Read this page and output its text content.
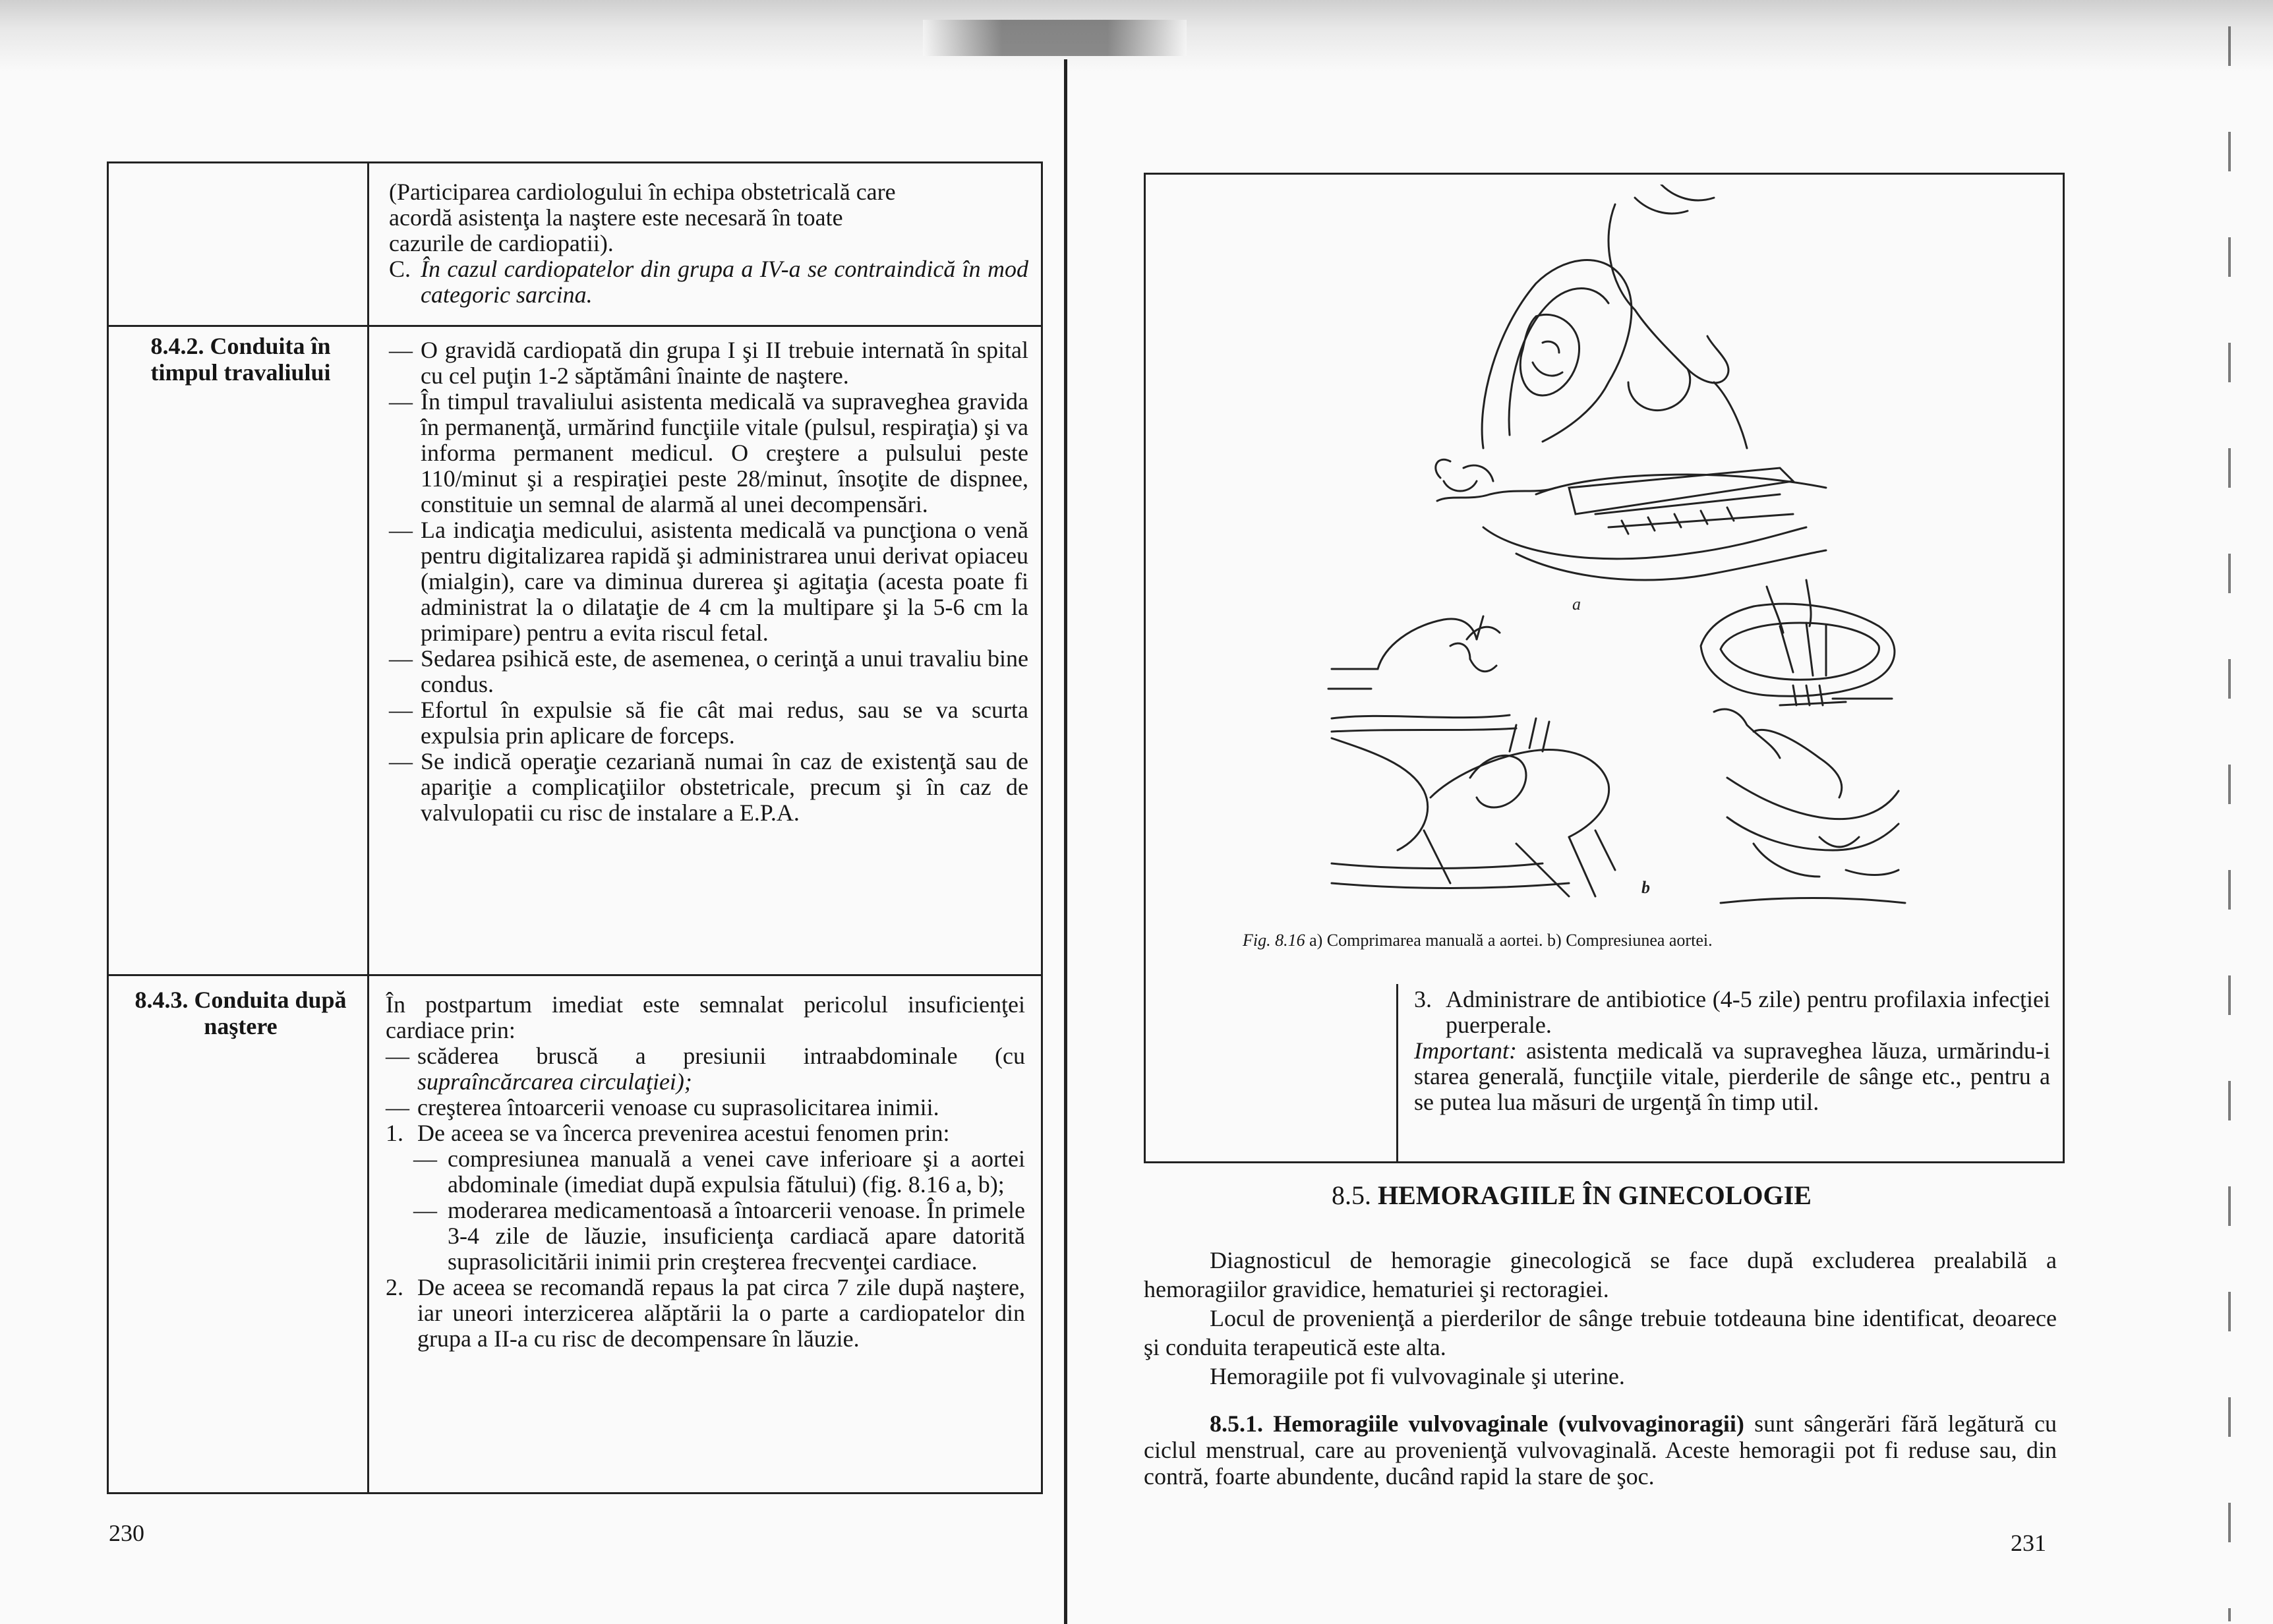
(Participarea cardiologului în echipa obstetricală care

acordă asistenţa la naştere este necesară în toate

cazurile de cardiopatii).

C. În cazul cardiopatelor din grupa a IV-a se contraindică în mod categoric sarcina.
8.4.2. Conduita în timpul travaliului
— O gravidă cardiopată din grupa I şi II trebuie internată în spital cu cel puţin 1-2 săptămâni înainte de naştere.
— În timpul travaliului asistenta medicală va supraveghea gravida în permanenţă, urmărind funcţiile vitale (pulsul, respiraţia) şi va informa permanent medicul. O creştere a pulsului peste 110/minut şi a respiraţiei peste 28/minut, însoţite de dispnee, constituie un semnal de alarmă al unei decompensări.
— La indicaţia medicului, asistenta medicală va puncţiona o venă pentru digitalizarea rapidă şi administrarea unui derivat opiaceu (mialgin), care va diminua durerea şi agitaţia (acesta poate fi administrat la o dilataţie de 4 cm la multipare şi la 5-6 cm la primipare) pentru a evita riscul fetal.
— Sedarea psihică este, de asemenea, o cerinţă a unui travaliu bine condus.
— Efortul în expulsie să fie cât mai redus, sau se va scurta expulsia prin aplicare de forceps.
— Se indică operaţie cezariană numai în caz de existenţă sau de apariţie a complicaţiilor obstetricale, precum şi în caz de valvulopatii cu risc de instalare a E.P.A.
8.4.3. Conduita după naştere

În postpartum imediat este semnalat pericolul insuficienţei cardiace prin:

— scăderea bruscă a presiunii intraabdominale (cu supraîncărcarea circulaţiei);
— creşterea întoarcerii venoase cu suprasolicitarea inimii.
1. De aceea se va încerca prevenirea acestui fenomen prin:
— compresiunea manuală a venei cave inferioare şi a aortei abdominale (imediat după expulsia fătului) (fig. 8.16 a, b);
— moderarea medicamentoasă a întoarcerii venoase. În primele 3-4 zile de lăuzie, insuficienţa cardiacă apare datorită suprasolicitării inimii prin creşterea frecvenţei cardiace.
2. De aceea se recomandă repaus la pat circa 7 zile după naştere, iar uneori interzicerea alăptării la o parte a cardiopatelor din grupa a II-a cu risc de decompensare în lăuzie.
230
a
b
Fig. 8.16 a) Comprimarea manuală a aortei. b) Compresiunea aortei.
3. Administrare de antibiotice (4-5 zile) pentru profilaxia infecţiei puerperale.

Important: asistenta medicală va supraveghea lăuza, urmărindu-i starea generală, funcţiile vitale, pierderile de sânge etc., pentru a se putea lua măsuri de urgenţă în timp util.

8.5. HEMORAGIILE ÎN GINECOLOGIE

Diagnosticul de hemoragie ginecologică se face după excluderea prealabilă a hemoragiilor gravidice, hematuriei şi rectoragiei.

Locul de provenienţă a pierderilor de sânge trebuie totdeauna bine identificat, deoarece şi conduita terapeutică este alta.

Hemoragiile pot fi vulvovaginale şi uterine.

8.5.1. Hemoragiile vulvovaginale (vulvovaginoragii) sunt sângerări fără legătură cu ciclul menstrual, care au provenienţă vulvovaginală. Aceste hemoragii pot fi reduse sau, din contră, foarte abundente, ducând rapid la stare de şoc.

231
